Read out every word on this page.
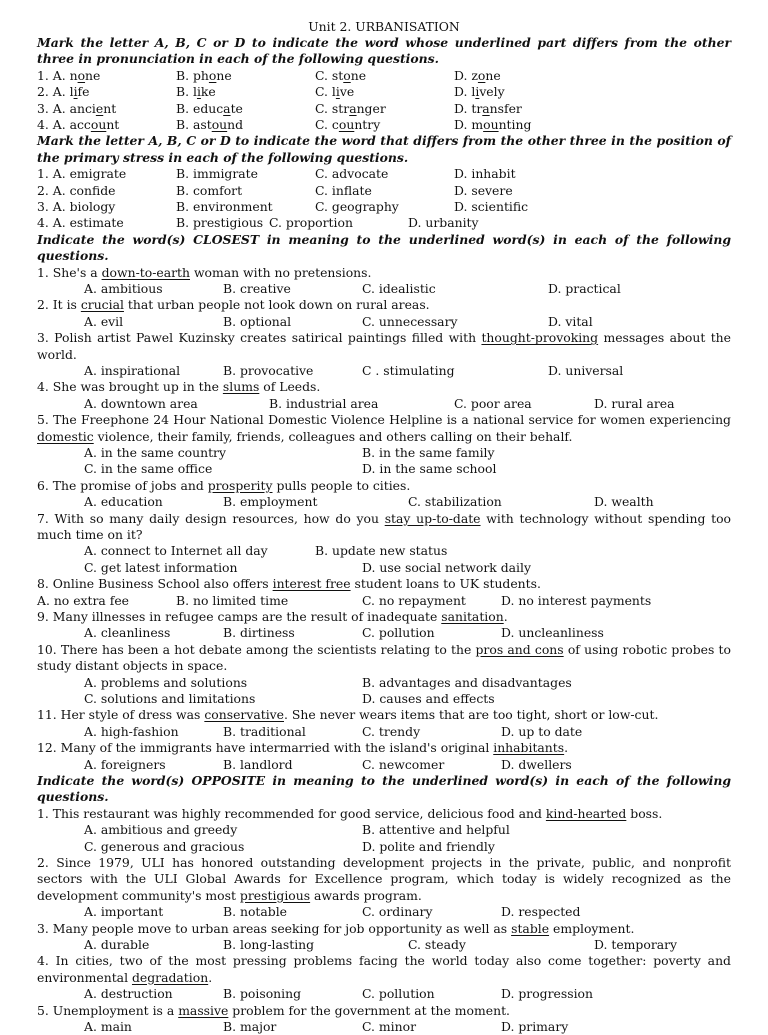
Unit 2. URBANISATION
Mark the letter A, B, C or D to indicate the word whose underlined part differs from the other three in pronunciation in each of the following questions.
1. A. none	B. phone	C. stone	D. zone
2. A. life	B. like	C. live	D. lively
3. A. ancient	B. educate	C. stranger	D. transfer
4. A. account	B. astound	C. country	D. mounting
Mark the letter A, B, C or D to indicate the word that differs from the other three in the position of the primary stress in each of the following questions.
1. A. emigrate	B. immigrate	C. advocate	D. inhabit
2. A. confide	B. comfort	C. inflate	D. severe
3. A. biology	B. environment	C. geography	D. scientific
4. A. estimate	B. prestigious C. proportion	D. urbanity
Indicate the word(s) CLOSEST in meaning to the underlined word(s) in each of the following questions.
1. She's a down-to-earth woman with no pretensions.
A. ambitious	B. creative	C. idealistic	D. practical
2. It is crucial that urban people not look down on rural areas.
A. evil	B. optional	C. unnecessary	D. vital
3. Polish artist Pawel Kuzinsky creates satirical paintings filled with thought-provoking messages about the world.
A. inspirational	B. provocative	C . stimulating	D. universal
4. She was brought up in the slums of Leeds.
A. downtown area	B. industrial area	C. poor area	D. rural area
5. The Freephone 24 Hour National Domestic Violence Helpline is a national service for women experiencing domestic violence, their family, friends, colleagues and others calling on their behalf.
A. in the same country	B. in the same family
C. in the same office	D. in the same school
6. The promise of jobs and prosperity pulls people to cities.
A. education	B. employment	C. stabilization	D. wealth
7. With so many daily design resources, how do you stay up-to-date with technology without spending too much time on it?
A. connect to Internet all day	B. update new status
C. get latest information	D. use social network daily
8. Online Business School also offers interest free student loans to UK students.
A. no extra fee	B. no limited time	C. no repayment	D. no interest payments
9. Many illnesses in refugee camps are the result of inadequate sanitation.
A. cleanliness	B. dirtiness	C. pollution	D. uncleanliness
10. There has been a hot debate among the scientists relating to the pros and cons of using robotic probes to study distant objects in space.
A. problems and solutions	B. advantages and disadvantages
C. solutions and limitations	D. causes and effects
11. Her style of dress was conservative. She never wears items that are too tight, short or low-cut.
A. high-fashion	B. traditional	C. trendy	D. up to date
12. Many of the immigrants have intermarried with the island's original inhabitants.
A. foreigners	B. landlord	C. newcomer	D. dwellers
Indicate the word(s) OPPOSITE in meaning to the underlined word(s) in each of the following questions.
1. This restaurant was highly recommended for good service, delicious food and kind-hearted boss.
A. ambitious and greedy	B. attentive and helpful
C. generous and gracious	D. polite and friendly
2. Since 1979, ULI has honored outstanding development projects in the private, public, and nonprofit sectors with the ULI Global Awards for Excellence program, which today is widely recognized as the development community's most prestigious awards program.
A. important	B. notable	C. ordinary	D. respected
3. Many people move to urban areas seeking for job opportunity as well as stable employment.
A. durable	B. long-lasting	C. steady	D. temporary
4. In cities, two of the most pressing problems facing the world today also come together: poverty and environmental degradation.
A. destruction	B. poisoning	C. pollution	D. progression
5. Unemployment is a massive problem for the government at the moment.
A. main	B. major	C. minor	D. primary
